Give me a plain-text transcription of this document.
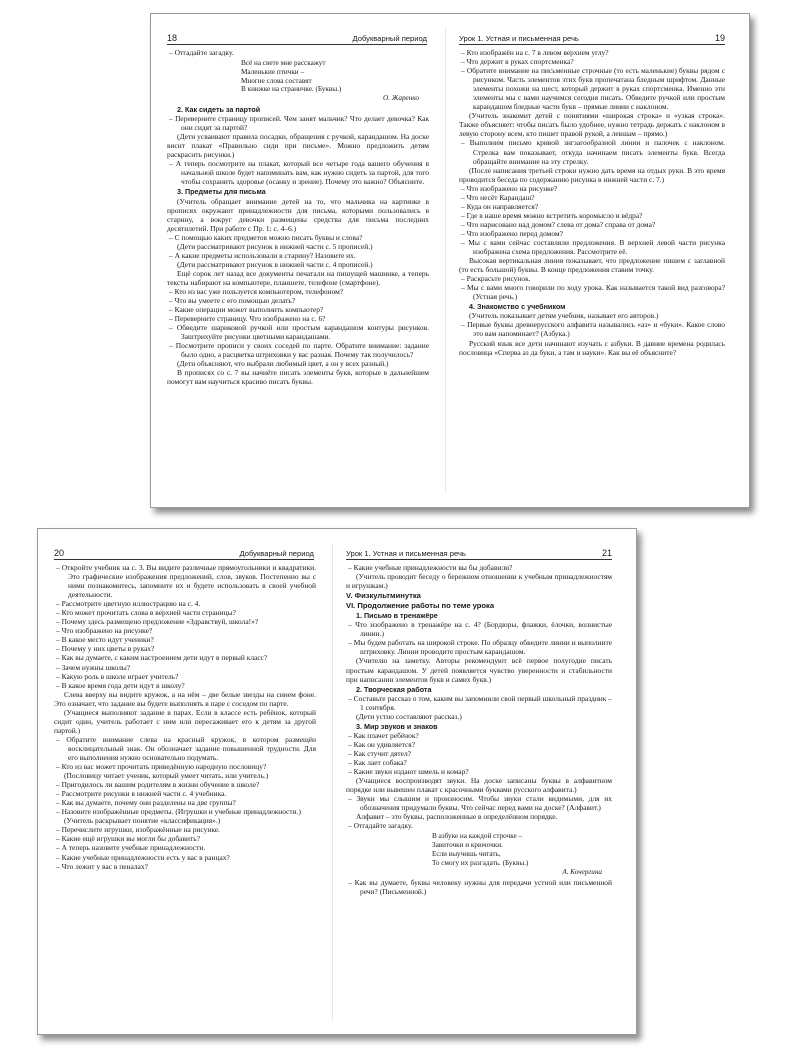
18	Добукварный период

– Отгадайте загадку.

Всё на свете мне расскажут
Маленькие птички –
Многие слова составят
В книжке на страничке. (Буквы.)
О. Жаренко

2. Как сидеть за партой

– Переверните страницу прописей. Чем занят мальчик? Что делает девочка? Как они сидят за партой?

(Дети усваивают правила посадки, обращения с ручкой, карандашом. На доске висит плакат «Правильно сиди при письме». Можно предложить детям раскрасить рисунки.)

– А теперь посмотрите на плакат, который все четыре года вашего обучения в начальной школе будет напоминать вам, как нужно сидеть за партой, для того чтобы сохранить здоровье (осанку и зрение). Почему это важно? Объясните.

3. Предметы для письма

(Учитель обращает внимание детей на то, что мальчика на картинке в прописях окружают принадлежности для письма, которыми пользовались в старину, а вокруг девочки размещены средства для письма последних десятилетий. При работе с Пр. 1: с. 4–6.)

– С помощью каких предметов можно писать буквы и слова?

(Дети рассматривают рисунок в нижней части с. 5 прописей.)

– А какие предметы использовали в старину? Назовите их.

(Дети рассматривают рисунок в нижней части с. 4 прописей.)

Ещё сорок лет назад все документы печатали на пишущей машинке, а теперь тексты набирают на компьютере, планшете, телефоне (смартфоне).

– Кто из вас уже пользуется компьютером, телефоном?

– Что вы умеете с его помощью делать?

– Какие операции может выполнить компьютер?

– Переверните страницу. Что изображено на с. 6?

– Обведите шариковой ручкой или простым карандашом контуры рисунков. Заштрихуйте рисунки цветными карандашами.

– Посмотрите прописи у своих соседей по парте. Обратите внимание: задание было одно, а расцветка штриховки у вас разная. Почему так получилось?

(Дети объясняют, что выбрали любимый цвет, а он у всех разный.)

В прописях со с. 7 вы начнёте писать элементы букв, которые в дальнейшем помогут вам научиться красиво писать буквы.

Урок 1. Устная и письменная речь	19

– Кто изображён на с. 7 в левом верхнем углу?

– Что держит в руках спортсменка?

– Обратите внимание на письменные строчные (то есть маленькие) буквы рядом с рисунком. Часть элементов этих букв пропечатана бледным шрифтом. Данные элементы похожи на шест, который держит в руках спортсменка. Именно эти элементы мы с вами научимся сегодня писать. Обведите ручкой или простым карандашом бледные части букв – прямые линии с наклоном.

(Учитель знакомит детей с понятиями «широкая строка» и «узкая строка». Также объясняет: чтобы писать было удобнее, нужно тетрадь держать с наклоном в левую сторону всем, кто пишет правой рукой, а левшам – прямо.)

– Выполним письмо кривой зигзагообразной линии и палочек с наклоном. Стрелка вам показывает, откуда начинаем писать элементы букв. Всегда обращайте внимание на эту стрелку.

(После написания третьей строки нужно дать время на отдых руки. В это время проводится беседа по содержанию рисунка в нижней части с. 7.)

– Что изображено на рисунке?

– Что несёт Карандаш?

– Куда он направляется?

– Где в наше время можно встретить коромысло и вёдра?

– Что нарисовано над домом? слева от дома? справа от дома?

– Что изображено перед домом?

– Мы с вами сейчас составляли предложения. В верхней левой части рисунка изображена схема предложения. Рассмотрите её.

Высокая вертикальная линия показывает, что предложение пишем с заглавной (то есть большой) буквы. В конце предложения ставим точку.

– Раскрасьте рисунок.

– Мы с вами много говорили по ходу урока. Как называется такой вид разговора? (Устная речь.)

4. Знакомство с учебником

(Учитель показывает детям учебник, называет его авторов.)

– Первые буквы древнерусского алфавита назывались «аз» и «буки». Какое слово это вам напоминает? (Азбука.)

Русский язык все дети начинают изучать с азбуки. В давние времена родилась пословица «Сперва аз да буки, а там и науки». Как вы её объясните?

20	Добукварный период

– Откройте учебник на с. 3. Вы видите различные прямоугольники и квадратики. Это графические изображения предложений, слов, звуков. Постепенно вы с ними познакомитесь, запомните их и будете использовать в своей учебной деятельности.

– Рассмотрите цветную иллюстрацию на с. 4.

– Кто может прочитать слова в верхней части страницы?

– Почему здесь размещено предложение «Здравствуй, школа!»?

– Что изображено на рисунке?

– В какое место идут ученики?

– Почему у них цветы в руках?

– Как вы думаете, с каким настроением дети идут в первый класс?

– Зачем нужны школы?

– Какую роль в школе играет учитель?

– В какое время года дети идут в школу?

Слева вверху вы видите кружок, а на нём – две белые звезды на синем фоне. Это означает, что задание вы будете выполнять в паре с соседом по парте.

(Учащиеся выполняют задание в парах. Если в классе есть ребёнок, который сидит один, учитель работает с ним или пересаживает его к детям за другой партой.)

– Обратите внимание слева на красный кружок, в котором размещён восклицательный знак. Он обозначает задание повышенной трудности. Для его выполнения нужно основательно подумать.

– Кто из вас может прочитать приведённую народную пословицу?

(Пословицу читает ученик, который умеет читать, или учитель.)

– Пригодилось ли вашим родителям в жизни обучение в школе?

– Рассмотрите рисунки в нижней части с. 4 учебника.

– Как вы думаете, почему они разделены на две группы?

– Назовите изображённые предметы. (Игрушки и учебные принадлежности.)

(Учитель раскрывает понятие «классификация».)

– Перечислите игрушки, изображённые на рисунке.

– Какие ещё игрушки вы могли бы добавить?

– А теперь назовите учебные принадлежности.

– Какие учебные принадлежности есть у вас в ранцах?

– Что лежит у вас в пеналах?

Урок 1. Устная и письменная речь	21

– Какие учебные принадлежности вы бы добавили?

(Учитель проводит беседу о бережном отношении к учебным принадлежностям и игрушкам.)

V. Физкультминутка

VI. Продолжение работы по теме урока

1. Письмо в тренажёре

– Что изображено в тренажёре на с. 4? (Бордюры, флажки, ёлочки, волнистые линии.)

– Мы будем работать на широкой строке. По образцу обведите линии и выполните штриховку. Линии проводите простым карандашом.

(Учителю на заметку. Авторы рекомендуют всё первое полугодие писать простым карандашом. У детей появляется чувство уверенности и стабильности при написании элементов букв и самих букв.)

2. Творческая работа

– Составьте рассказ о том, каким вы запомнили свой первый школьный праздник – 1 сентября.

(Дети устно составляют рассказ.)

3. Мир звуков и знаков

– Как плачет ребёнок?

– Как он удивляется?

– Как стучит дятел?

– Как лает собака?

– Какие звуки издают шмель и комар?

(Учащиеся воспроизводят звуки. На доске записаны буквы в алфавитном порядке или вывешен плакат с красочными буквами русского алфавита.)

– Звуки мы слышим и произносим. Чтобы звуки стали видимыми, для их обозначения придумали буквы. Что сейчас перед вами на доске? (Алфавит.)

Алфавит – это буквы, расположенные в определённом порядке.

– Отгадайте загадку.

В азбуке на каждой строчке –
Завиточки и крючочки.
Если выучишь читать,
То смогу их разгадать. (Буквы.)
А. Кочергина

– Как вы думаете, буквы человеку нужны для передачи устной или письменной речи? (Письменной.)
